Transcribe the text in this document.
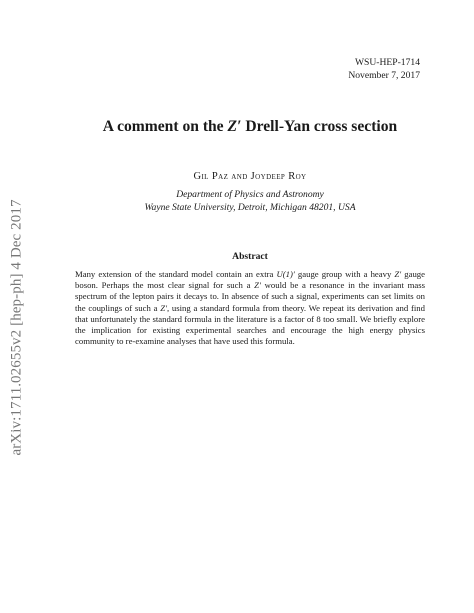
arXiv:1711.02655v2 [hep-ph] 4 Dec 2017
WSU-HEP-1714
November 7, 2017
A comment on the Z′ Drell-Yan cross section
Gil Paz and Joydeep Roy
Department of Physics and Astronomy
Wayne State University, Detroit, Michigan 48201, USA
Abstract

Many extension of the standard model contain an extra U(1)′ gauge group with a heavy Z′ gauge boson. Perhaps the most clear signal for such a Z′ would be a resonance in the invariant mass spectrum of the lepton pairs it decays to. In absence of such a signal, experiments can set limits on the couplings of such a Z′, using a standard formula from theory. We repeat its derivation and find that unfortunately the standard formula in the literature is a factor of 8 too small. We briefly explore the implication for existing experimental searches and encourage the high energy physics community to re-examine analyses that have used this formula.
